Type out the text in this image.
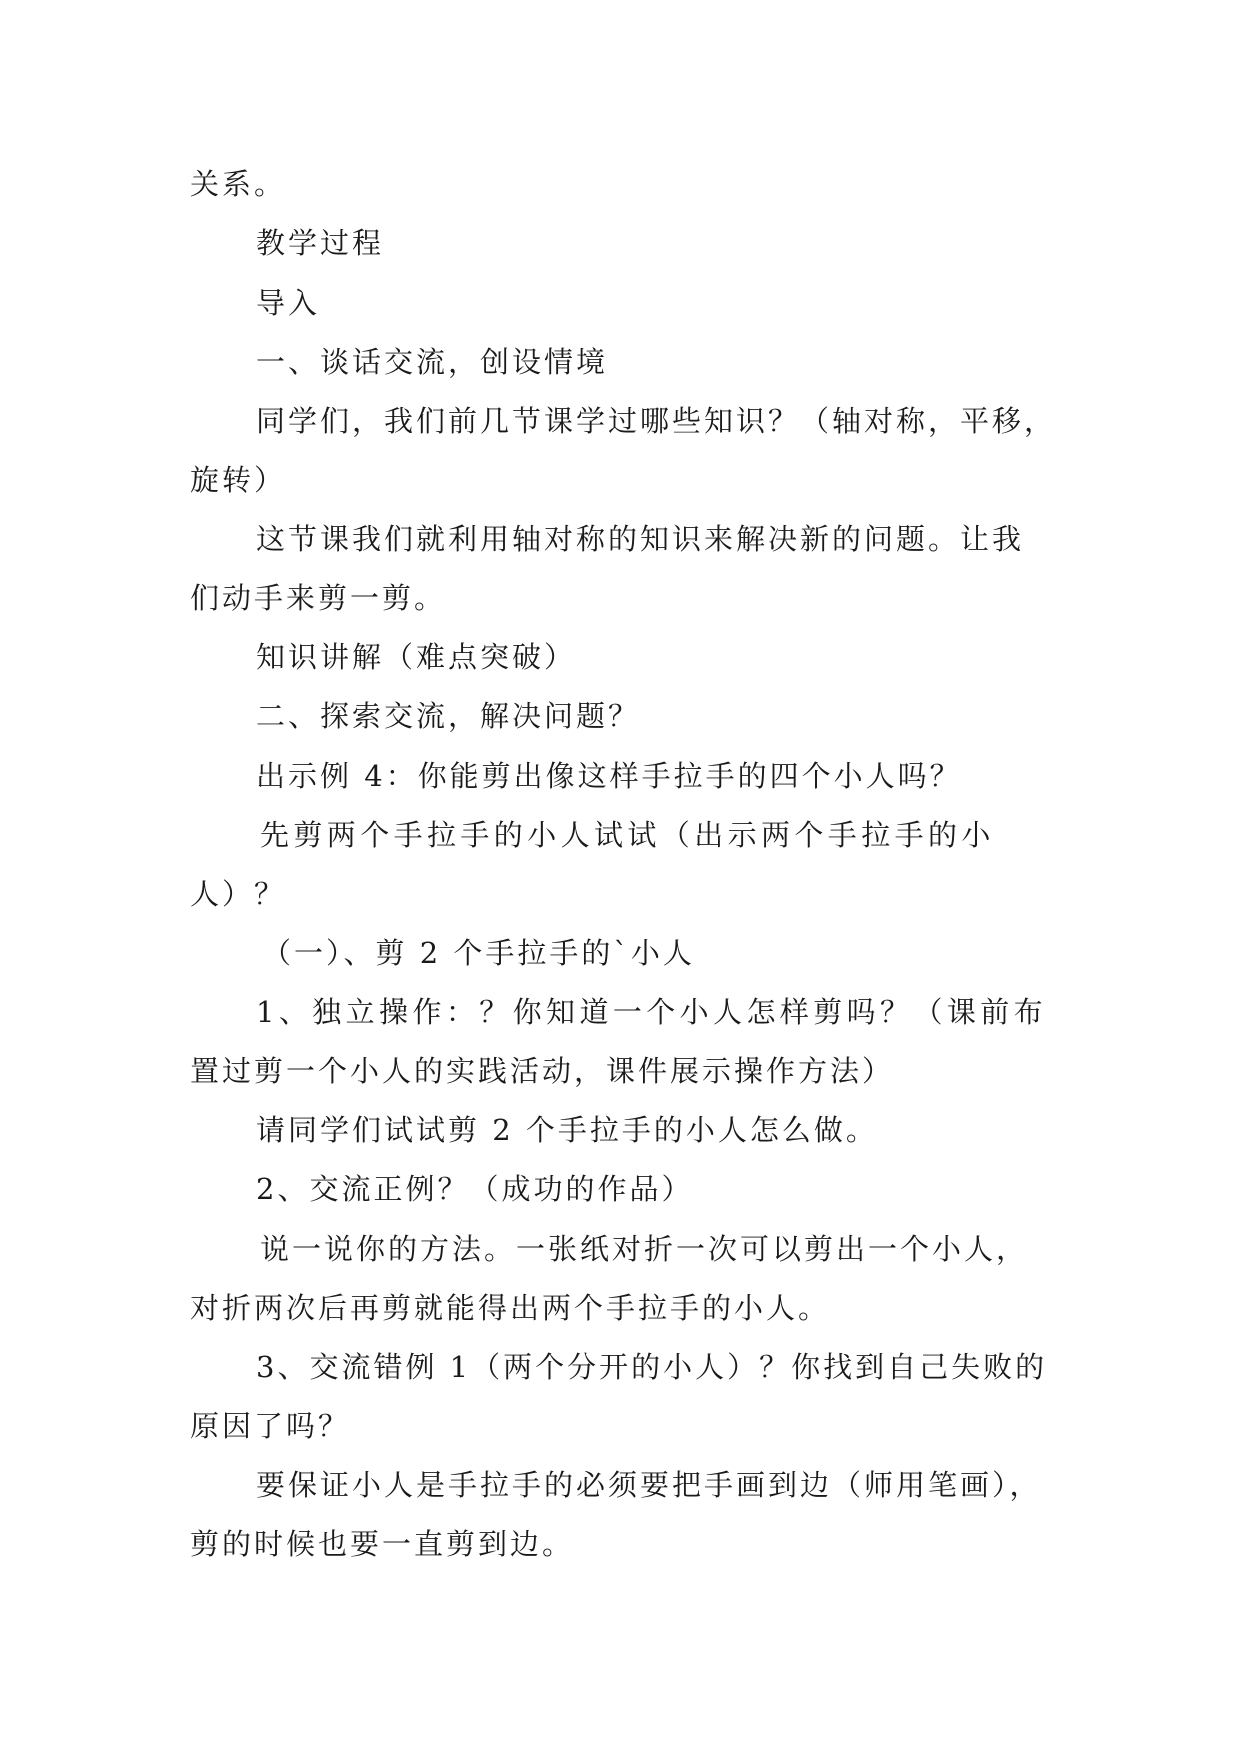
关系。

教学过程

导入

一、谈话交流，创设情境

同学们，我们前几节课学过哪些知识？（轴对称，平移，

旋转）

这节课我们就利用轴对称的知识来解决新的问题。让我

们动手来剪一剪。

知识讲解（难点突破）

二、探索交流，解决问题？

出示例 4：你能剪出像这样手拉手的四个小人吗？

先剪两个手拉手的小人试试（出示两个手拉手的小

人）？

（一）、剪 2 个手拉手的`小人

1、独立操作：？你知道一个小人怎样剪吗？（课前布

置过剪一个小人的实践活动，课件展示操作方法）

请同学们试试剪 2 个手拉手的小人怎么做。

2、交流正例？（成功的作品）

说一说你的方法。一张纸对折一次可以剪出一个小人，

对折两次后再剪就能得出两个手拉手的小人。

3、交流错例 1（两个分开的小人）？你找到自己失败的

原因了吗？

要保证小人是手拉手的必须要把手画到边（师用笔画），

剪的时候也要一直剪到边。
